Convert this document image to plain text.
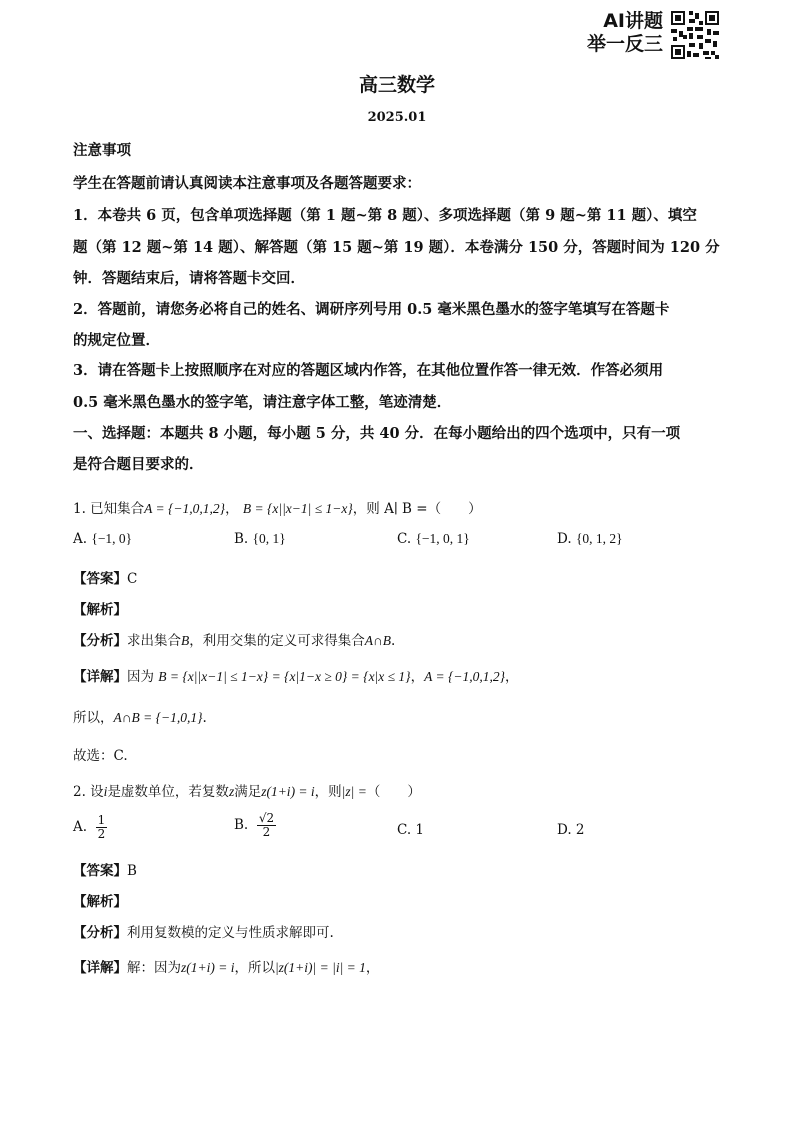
AI讲题
举一反三
高三数学
2025.01
注意事项
学生在答题前请认真阅读本注意事项及各题答题要求：
1．本卷共 6 页，包含单项选择题（第 1 题~第 8 题）、多项选择题（第 9 题~第 11 题）、填空
题（第 12 题~第 14 题）、解答题（第 15 题~第 19 题）．本卷满分 150 分，答题时间为 120 分
钟．答题结束后，请将答题卡交回．
2．答题前，请您务必将自己的姓名、调研序列号用 0.5 毫米黑色墨水的签字笔填写在答题卡
的规定位置．
3．请在答题卡上按照顺序在对应的答题区域内作答，在其他位置作答一律无效．作答必须用
0.5 毫米黑色墨水的签字笔，请注意字体工整，笔迹清楚．
一、选择题：本题共 8 小题，每小题 5 分，共 40 分．在每小题给出的四个选项中，只有一项
是符合题目要求的．
1. 已知集合A = {−1,0,1,2}， B = {x||x−1| ≤ 1−x}，则 A∣ B =（　　）
A. {−1, 0}	B. {0, 1}	C. {−1, 0, 1}	D. {0, 1, 2}
【答案】C
【解析】
【分析】求出集合B，利用交集的定义可求得集合A∩B.
【详解】因为 B = {x||x−1| ≤ 1−x} = {x|1−x ≥ 0} = {x|x ≤ 1}，A = {−1,0,1,2}，
所以，A∩B = {−1,0,1}.
故选：C.
2. 设i是虚数单位，若复数z满足z(1+i) = i，则|z| =（　　）
A. $\frac{1}{2}$	B. $\frac{√2}{2}$	C. 1	D. 2
【答案】B
【解析】
【分析】利用复数模的定义与性质求解即可.
【详解】解：因为z(1+i) = i，所以|z(1+i)| = |i| = 1，
